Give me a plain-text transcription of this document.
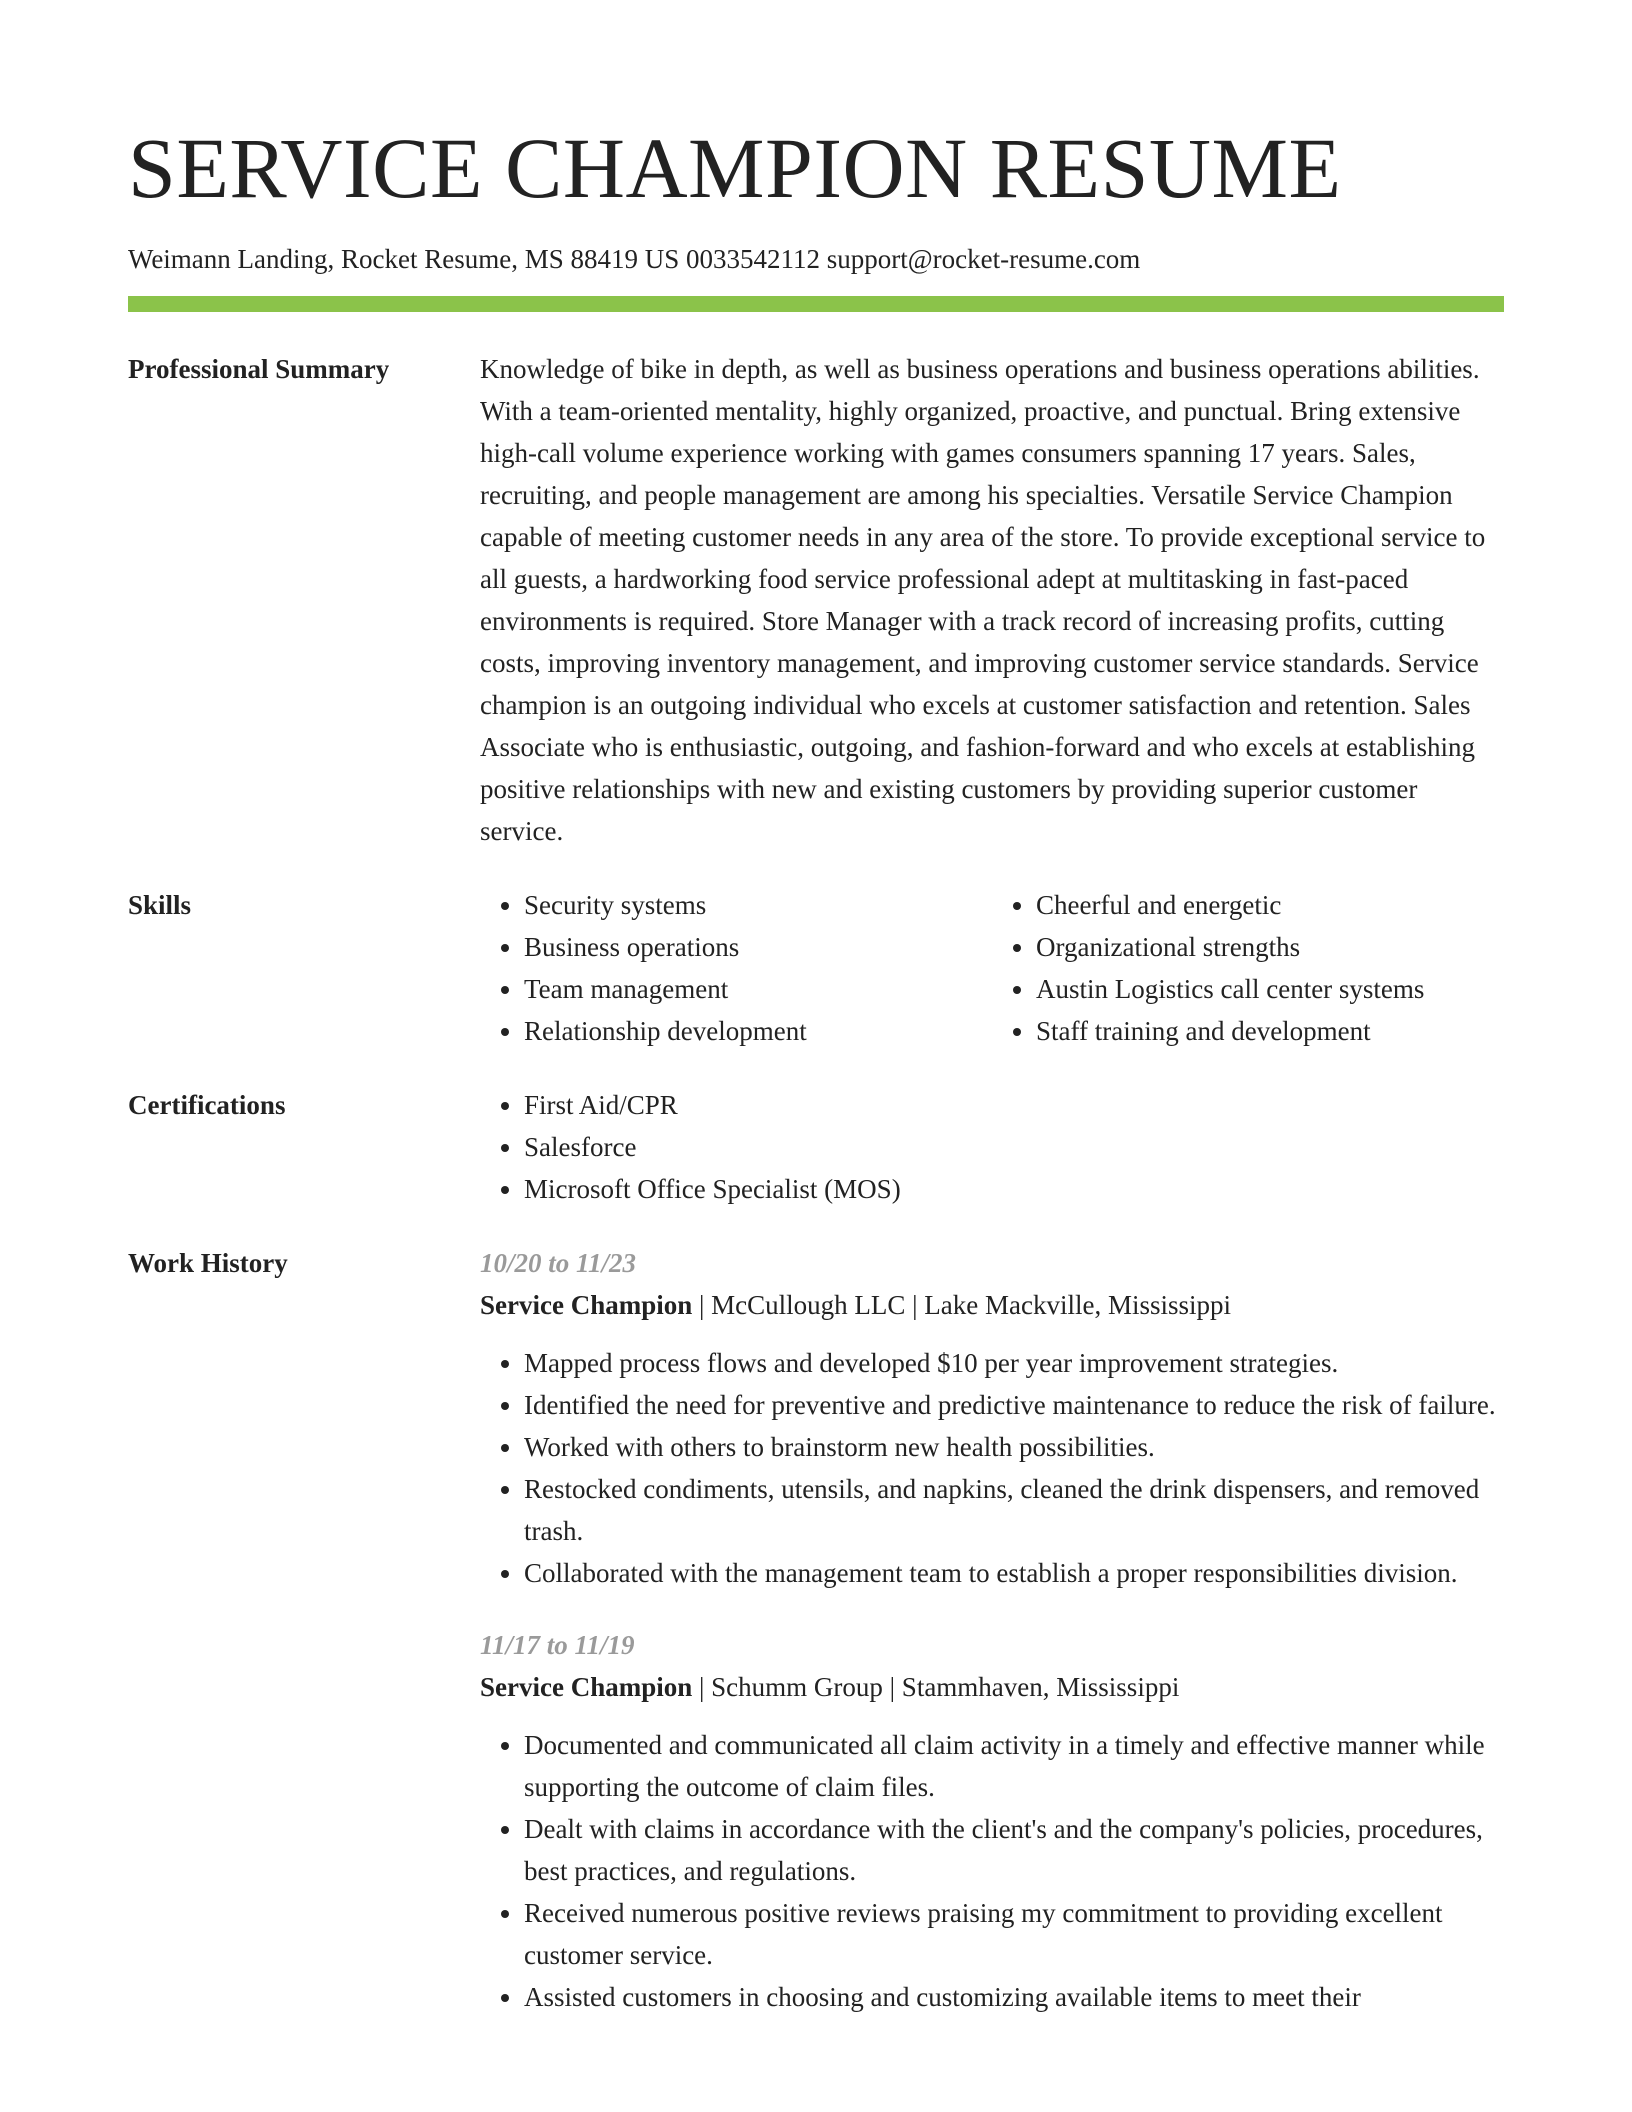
SERVICE CHAMPION RESUME
Weimann Landing, Rocket Resume, MS 88419 US 0033542112 support@rocket-resume.com
Professional Summary	Knowledge of bike in depth, as well as business operations and business operations abilities. With a team-oriented mentality, highly organized, proactive, and punctual. Bring extensive high-call volume experience working with games consumers spanning 17 years. Sales, recruiting, and people management are among his specialties. Versatile Service Champion capable of meeting customer needs in any area of the store. To provide exceptional service to all guests, a hardworking food service professional adept at multitasking in fast-paced environments is required. Store Manager with a track record of increasing profits, cutting costs, improving inventory management, and improving customer service standards. Service champion is an outgoing individual who excels at customer satisfaction and retention. Sales Associate who is enthusiastic, outgoing, and fashion-forward and who excels at establishing positive relationships with new and existing customers by providing superior customer service.
Skills	• Security systems
• Business operations
• Team management
• Relationship development
• Cheerful and energetic
• Organizational strengths
• Austin Logistics call center systems
• Staff training and development
Certifications	• First Aid/CPR
• Salesforce
• Microsoft Office Specialist (MOS)
Work History	10/20 to 11/23
Service Champion | McCullough LLC | Lake Mackville, Mississippi
• Mapped process flows and developed $10 per year improvement strategies.
• Identified the need for preventive and predictive maintenance to reduce the risk of failure.
• Worked with others to brainstorm new health possibilities.
• Restocked condiments, utensils, and napkins, cleaned the drink dispensers, and removed trash.
• Collaborated with the management team to establish a proper responsibilities division.
11/17 to 11/19
Service Champion | Schumm Group | Stammhaven, Mississippi
• Documented and communicated all claim activity in a timely and effective manner while supporting the outcome of claim files.
• Dealt with claims in accordance with the client's and the company's policies, procedures, best practices, and regulations.
• Received numerous positive reviews praising my commitment to providing excellent customer service.
• Assisted customers in choosing and customizing available items to meet their
